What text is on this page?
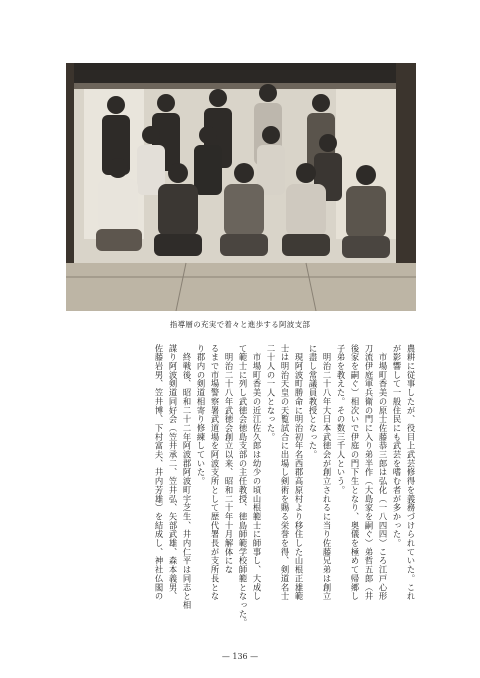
指導層の充実で着々と進歩する阿波支部
農耕に従事したが、役目上武芸修得を義務づけられていた。これ
が影響して一般住民にも武芸を嗜む者が多かった。
　市場町香美の原士佐藤恭三郎は弘化（一八四四）ころ江戸心形
刀流伊庭軍兵衛の門に入り弟半作（大島家を嗣ぐ）弟哲五郎（井
後家を嗣ぐ）相次いで伊庭の門下生となり、奥儀を極めて帰郷し
子弟を教えた。その数三千人という。
　明治二十八年大日本武徳会が創立されるに当り佐藤兄弟は創立
に盡し常議員教授となった。
　現阿波町勝命に明治初年名西郡高原村より移住した山根正雄範
士は明治天皇の天覧試合に出場し剣術を賜る栄誉を得、剣道名士
二十人の一人となった。
　市場町香美の近江佐久郎は幼少の頃山根範士に師事し、大成し
て範士に列し武徳会徳島支部の主任教授、徳島師範学校師範となった。
　明治二十八年武徳会創立以来、昭和二十年十月解体にな
るまで市場警察署武道場を阿波支所として歴代署長が支所長とな
り郡内の剣道相寄り修練していた。
　終戦後、昭和二十二年阿波郡阿波町宇芝生、井内仁平は同志と相
謀り阿波剣道同好会（笠井承二、笠井弘、矢部武雄、森本義男、
佐藤岩男、笠井博、下村富夫、井内芳雄）を結成し、神社仏閣の
— 136 —
